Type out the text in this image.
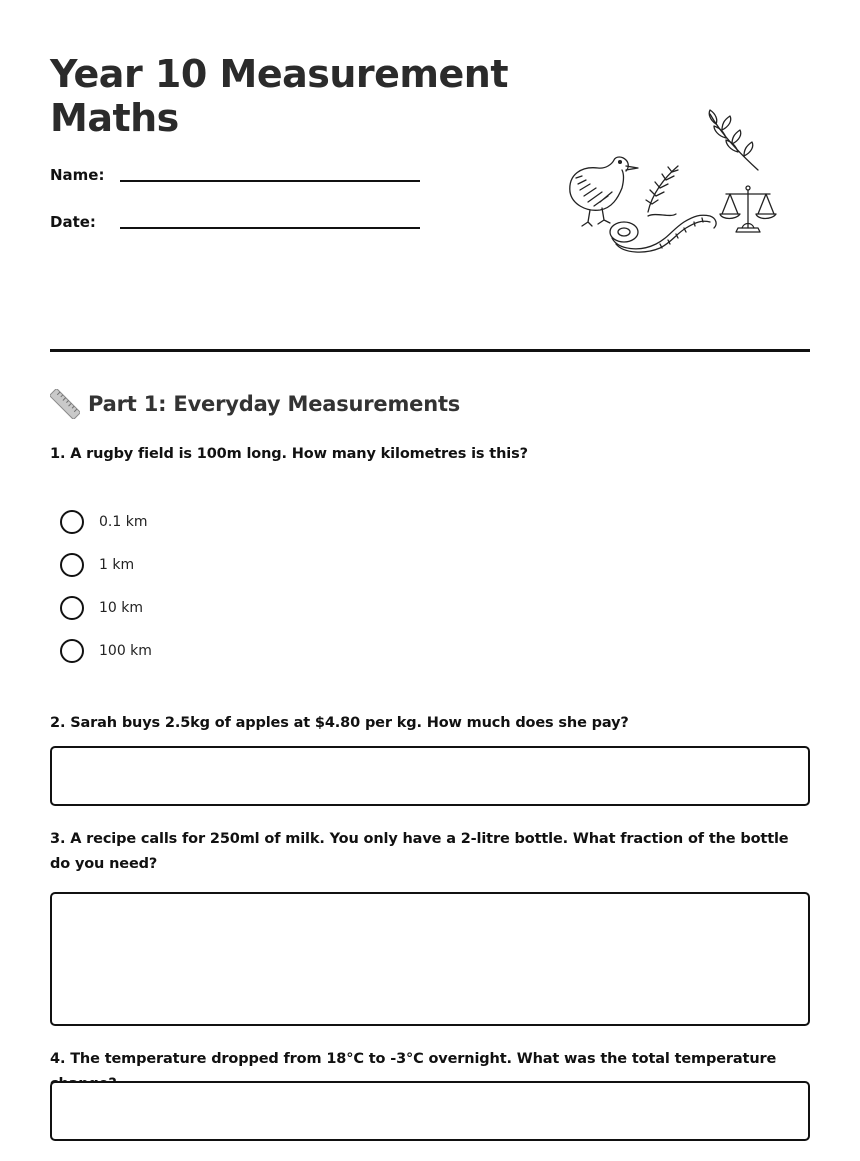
Year 10 Measurement Maths
Name:
Date:
Part 1: Everyday Measurements
1. A rugby field is 100m long. How many kilometres is this?
0.1 km
1 km
10 km
100 km
2. Sarah buys 2.5kg of apples at $4.80 per kg. How much does she pay?
3. A recipe calls for 250ml of milk. You only have a 2-litre bottle. What fraction of the bottle do you need?
4. The temperature dropped from 18°C to -3°C overnight. What was the total temperature
